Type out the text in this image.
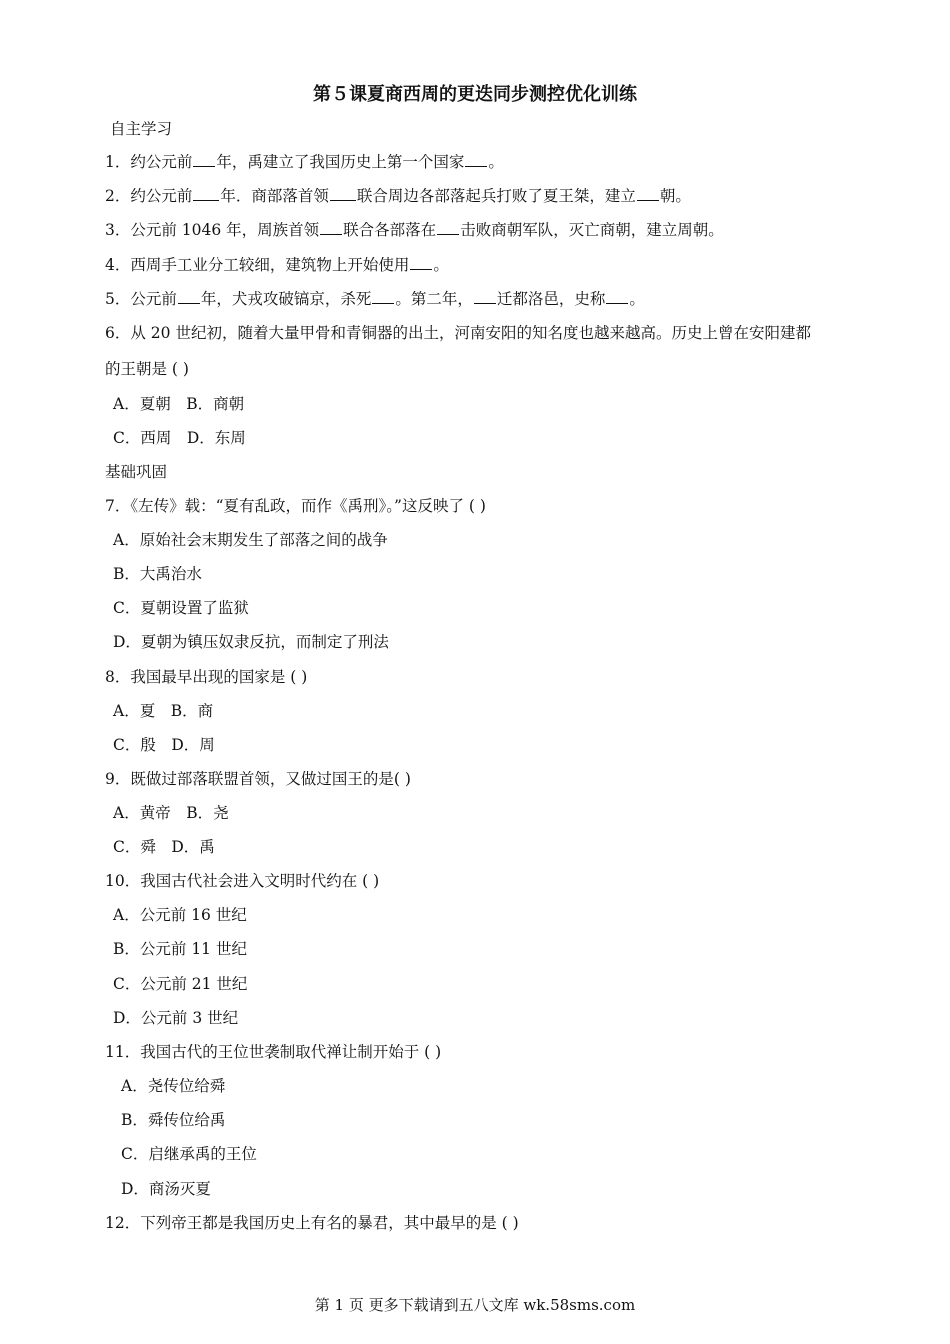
第５课夏商西周的更迭同步测控优化训练
自主学习
1．约公元前 年，禹建立了我国历史上第一个国家 。
2．约公元前 年．商部落首领 联合周边各部落起兵打败了夏王桀，建立 朝。
3．公元前 1046 年，周族首领 联合各部落在 击败商朝军队，灭亡商朝，建立周朝。
4．西周手工业分工较细，建筑物上开始使用 。
5．公元前 年，犬戎攻破镐京，杀死 。第二年， 迁都洛邑，史称 。
6．从 20 世纪初，随着大量甲骨和青铜器的出土，河南安阳的知名度也越来越高。历史上曾在安阳建都
的王朝是 ( )
A．夏朝　B．商朝
C．西周　D．东周
基础巩固
7．《左传》载：“夏有乱政，而作《禹刑》。”这反映了 ( )
A．原始社会末期发生了部落之间的战争
B．大禹治水
C．夏朝设置了监狱
D．夏朝为镇压奴隶反抗，而制定了刑法
8．我国最早出现的国家是 ( )
A．夏　B．商
C．殷　D．周
9．既做过部落联盟首领，又做过国王的是( )
A．黄帝　B．尧
C．舜　D．禹
10．我国古代社会进入文明时代约在 ( )
A．公元前 16 世纪
B．公元前 11 世纪
C．公元前 21 世纪
D．公元前 3 世纪
11．我国古代的王位世袭制取代禅让制开始于 ( )
A．尧传位给舜
B．舜传位给禹
C．启继承禹的王位
D．商汤灭夏
12．下列帝王都是我国历史上有名的暴君，其中最早的是 ( )
第 1 页 更多下载请到五八文库 wk.58sms.com
